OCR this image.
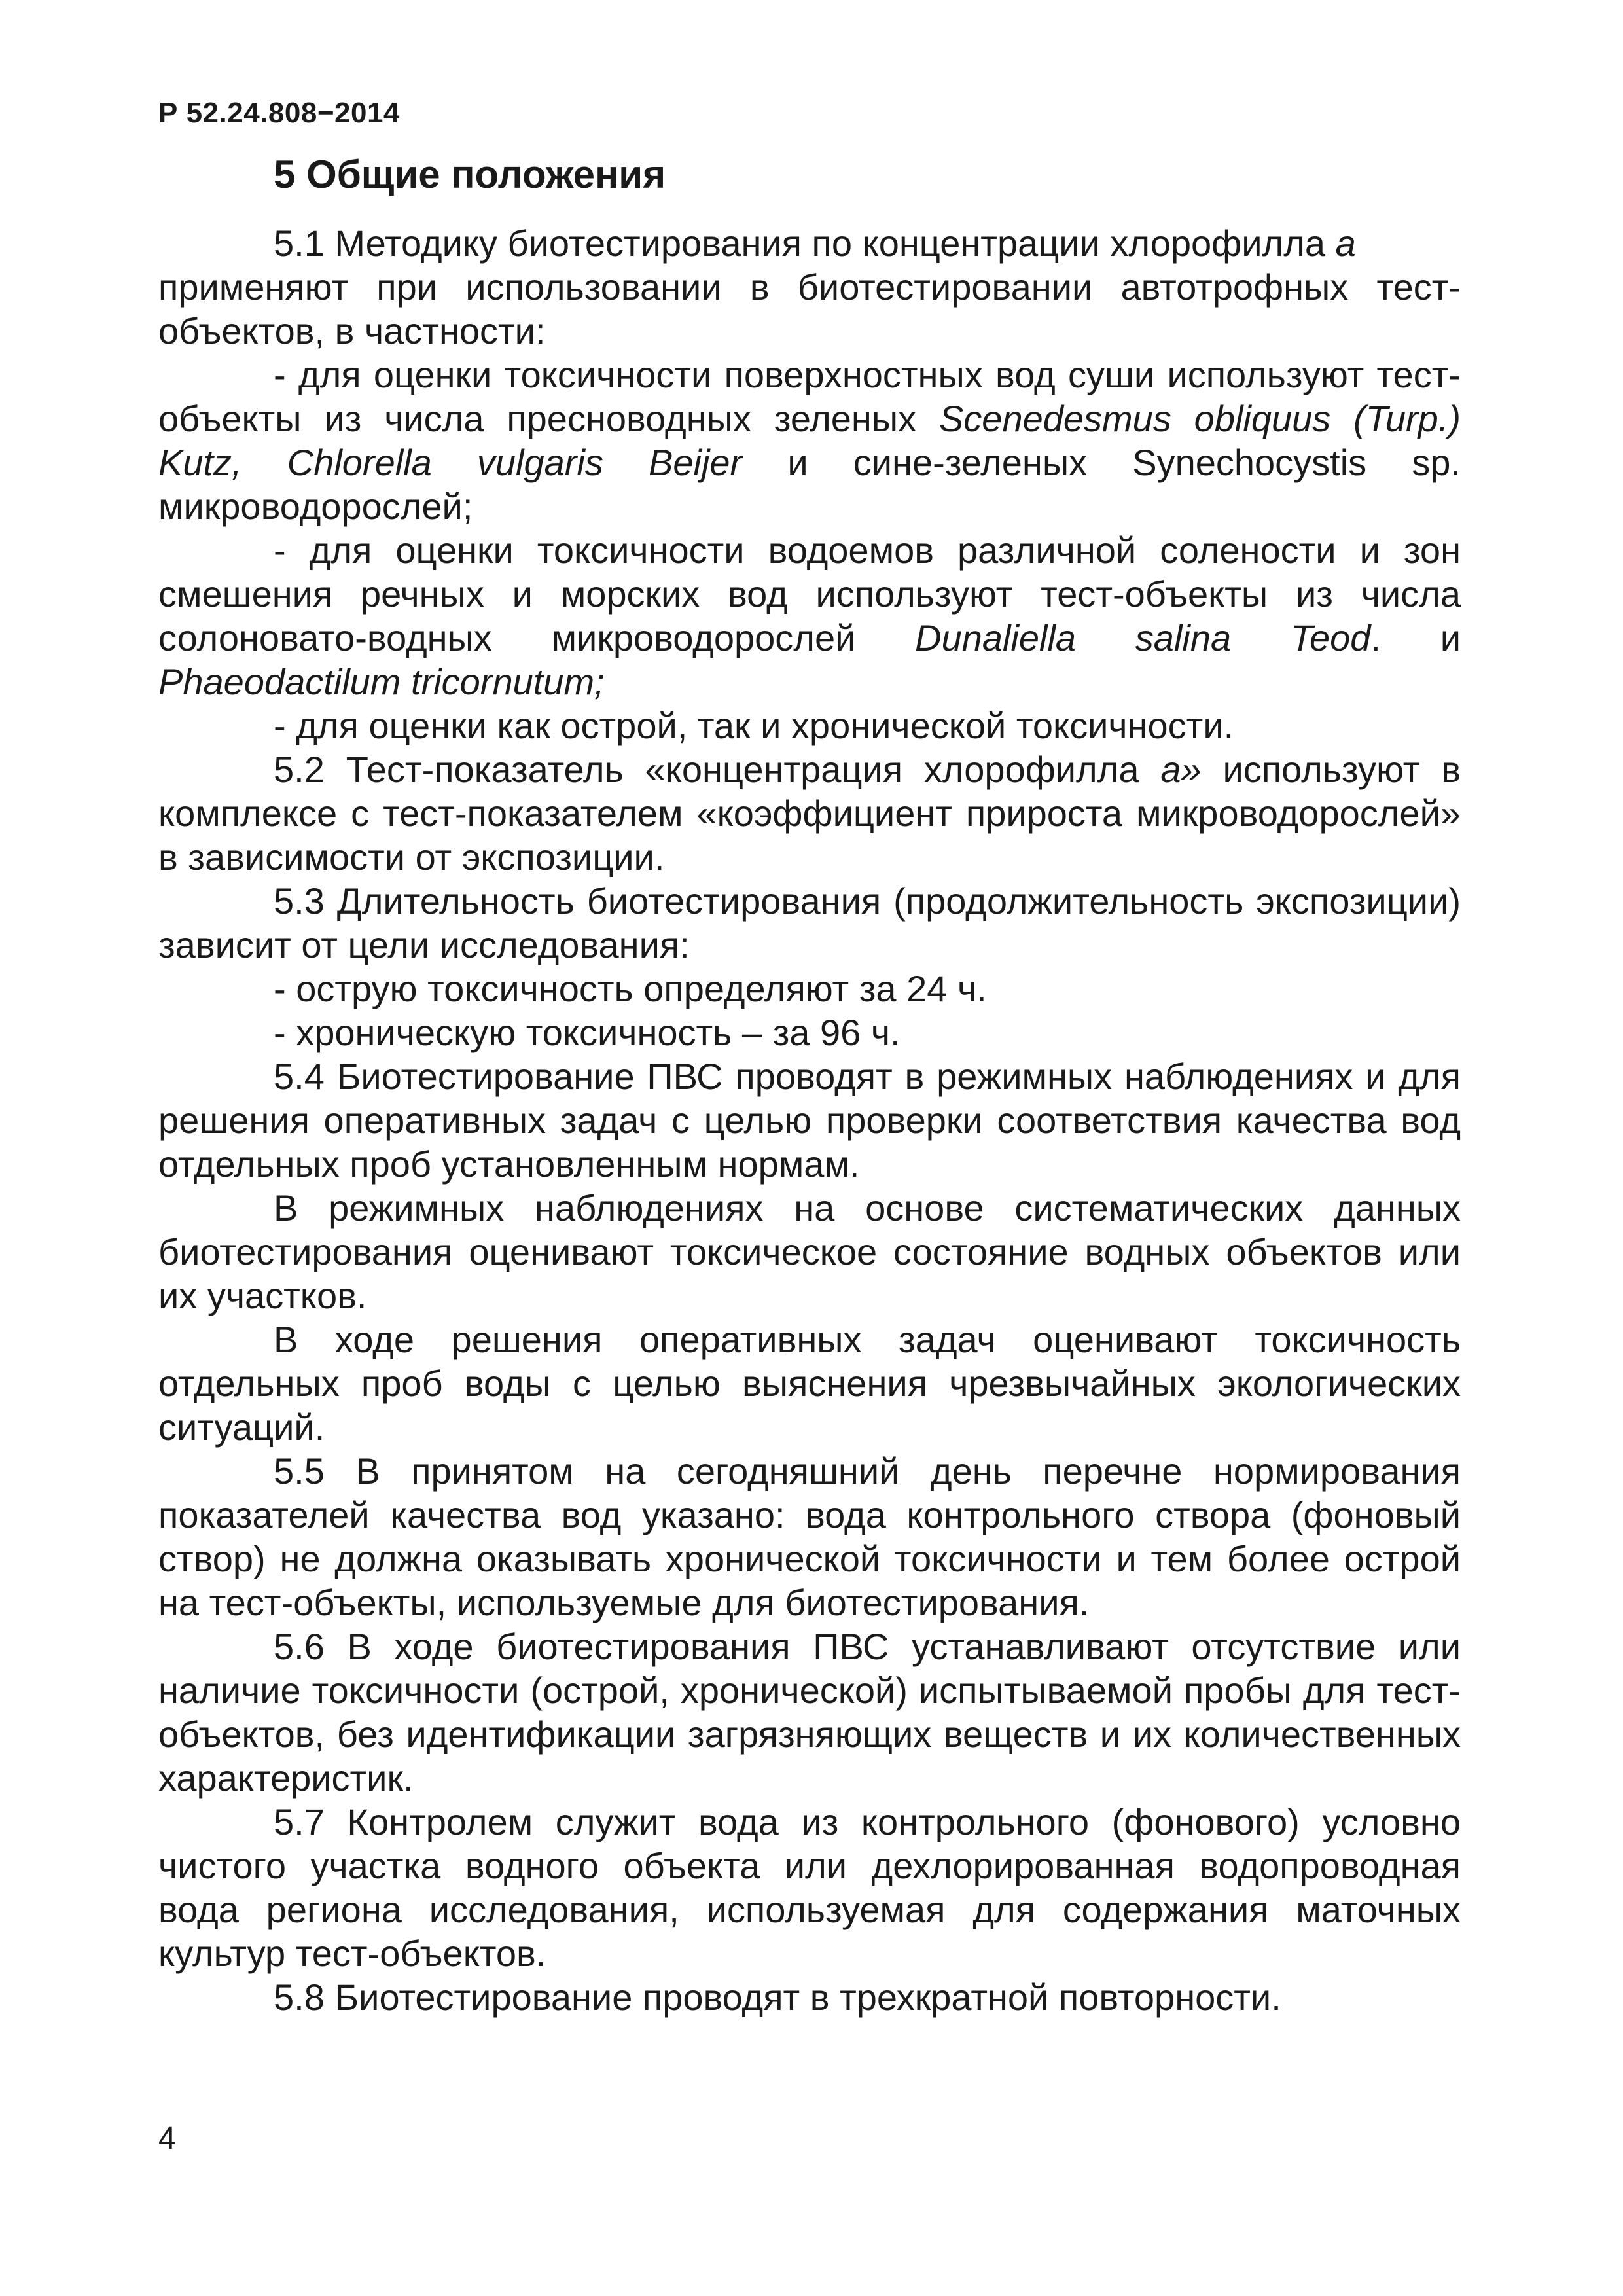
Р 52.24.808−2014
5 Общие положения

5.1 Методику биотестирования по концентрации хлорофилла а

применяют при использовании в биотестировании автотрофных тест-объектов, в частности:

- для оценки токсичности поверхностных вод суши используют тест-объекты из числа пресноводных зеленых Scenedesmus obliquus (Turp.) Kutz, Chlorella vulgaris Beijer и сине-зеленых Synechocystis sp. микроводорослей;

- для оценки токсичности водоемов различной солености и зон смешения речных и морских вод используют тест-объекты из числа солоновато-водных микроводорослей Dunaliella salina Teod. и Phaeodactilum tricornutum;

- для оценки как острой, так и хронической токсичности.

5.2 Тест-показатель «концентрация хлорофилла а» используют в комплексе с тест-показателем «коэффициент прироста микроводорослей» в зависимости от экспозиции.

5.3 Длительность биотестирования (продолжительность экспозиции) зависит от цели исследования:

- острую токсичность определяют за 24 ч.

- хроническую токсичность – за 96 ч.

5.4 Биотестирование ПВС проводят в режимных наблюдениях и для решения оперативных задач с целью проверки соответствия качества вод отдельных проб установленным нормам.

В режимных наблюдениях на основе систематических данных биотестирования оценивают токсическое состояние водных объектов или их участков.

В ходе решения оперативных задач оценивают токсичность отдельных проб воды с целью выяснения чрезвычайных экологических ситуаций.

5.5 В принятом на сегодняшний день перечне нормирования показателей качества вод указано: вода контрольного створа (фоновый створ) не должна оказывать хронической токсичности и тем более острой на тест-объекты, используемые для биотестирования.

5.6 В ходе биотестирования ПВС устанавливают отсутствие или наличие токсичности (острой, хронической) испытываемой пробы для тест-объектов, без идентификации загрязняющих веществ и их количественных характеристик.

5.7 Контролем служит вода из контрольного (фонового) условно чистого участка водного объекта или дехлорированная водопроводная вода региона исследования, используемая для содержания маточных культур тест-объектов.

5.8 Биотестирование проводят в трехкратной повторности.

4
